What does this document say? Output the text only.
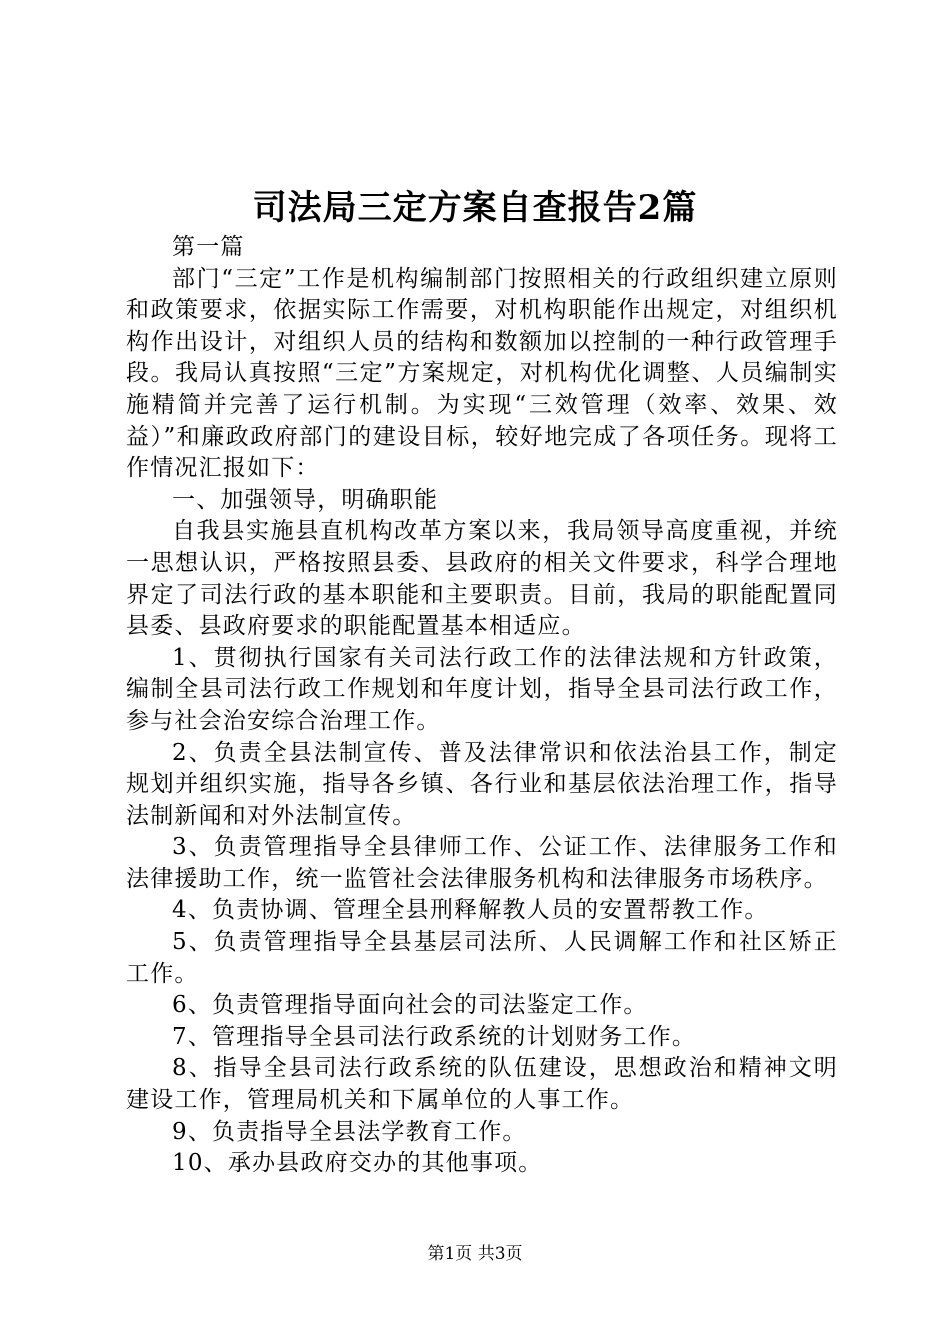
司法局三定方案自查报告2篇

第一篇

部门“三定”工作是机构编制部门按照相关的行政组织建立原则和政策要求，依据实际工作需要，对机构职能作出规定，对组织机构作出设计，对组织人员的结构和数额加以控制的一种行政管理手段。我局认真按照“三定”方案规定，对机构优化调整、人员编制实施精简并完善了运行机制。为实现“三效管理（效率、效果、效益）”和廉政政府部门的建设目标，较好地完成了各项任务。现将工作情况汇报如下：

一、加强领导，明确职能

自我县实施县直机构改革方案以来，我局领导高度重视，并统一思想认识，严格按照县委、县政府的相关文件要求，科学合理地界定了司法行政的基本职能和主要职责。目前，我局的职能配置同县委、县政府要求的职能配置基本相适应。

1、贯彻执行国家有关司法行政工作的法律法规和方针政策，编制全县司法行政工作规划和年度计划，指导全县司法行政工作，参与社会治安综合治理工作。

2、负责全县法制宣传、普及法律常识和依法治县工作，制定规划并组织实施，指导各乡镇、各行业和基层依法治理工作，指导法制新闻和对外法制宣传。

3、负责管理指导全县律师工作、公证工作、法律服务工作和法律援助工作，统一监管社会法律服务机构和法律服务市场秩序。

4、负责协调、管理全县刑释解教人员的安置帮教工作。

5、负责管理指导全县基层司法所、人民调解工作和社区矫正工作。

6、负责管理指导面向社会的司法鉴定工作。

7、管理指导全县司法行政系统的计划财务工作。

8、指导全县司法行政系统的队伍建设，思想政治和精神文明建设工作，管理局机关和下属单位的人事工作。

9、负责指导全县法学教育工作。

10、承办县政府交办的其他事项。

第1页 共3页
